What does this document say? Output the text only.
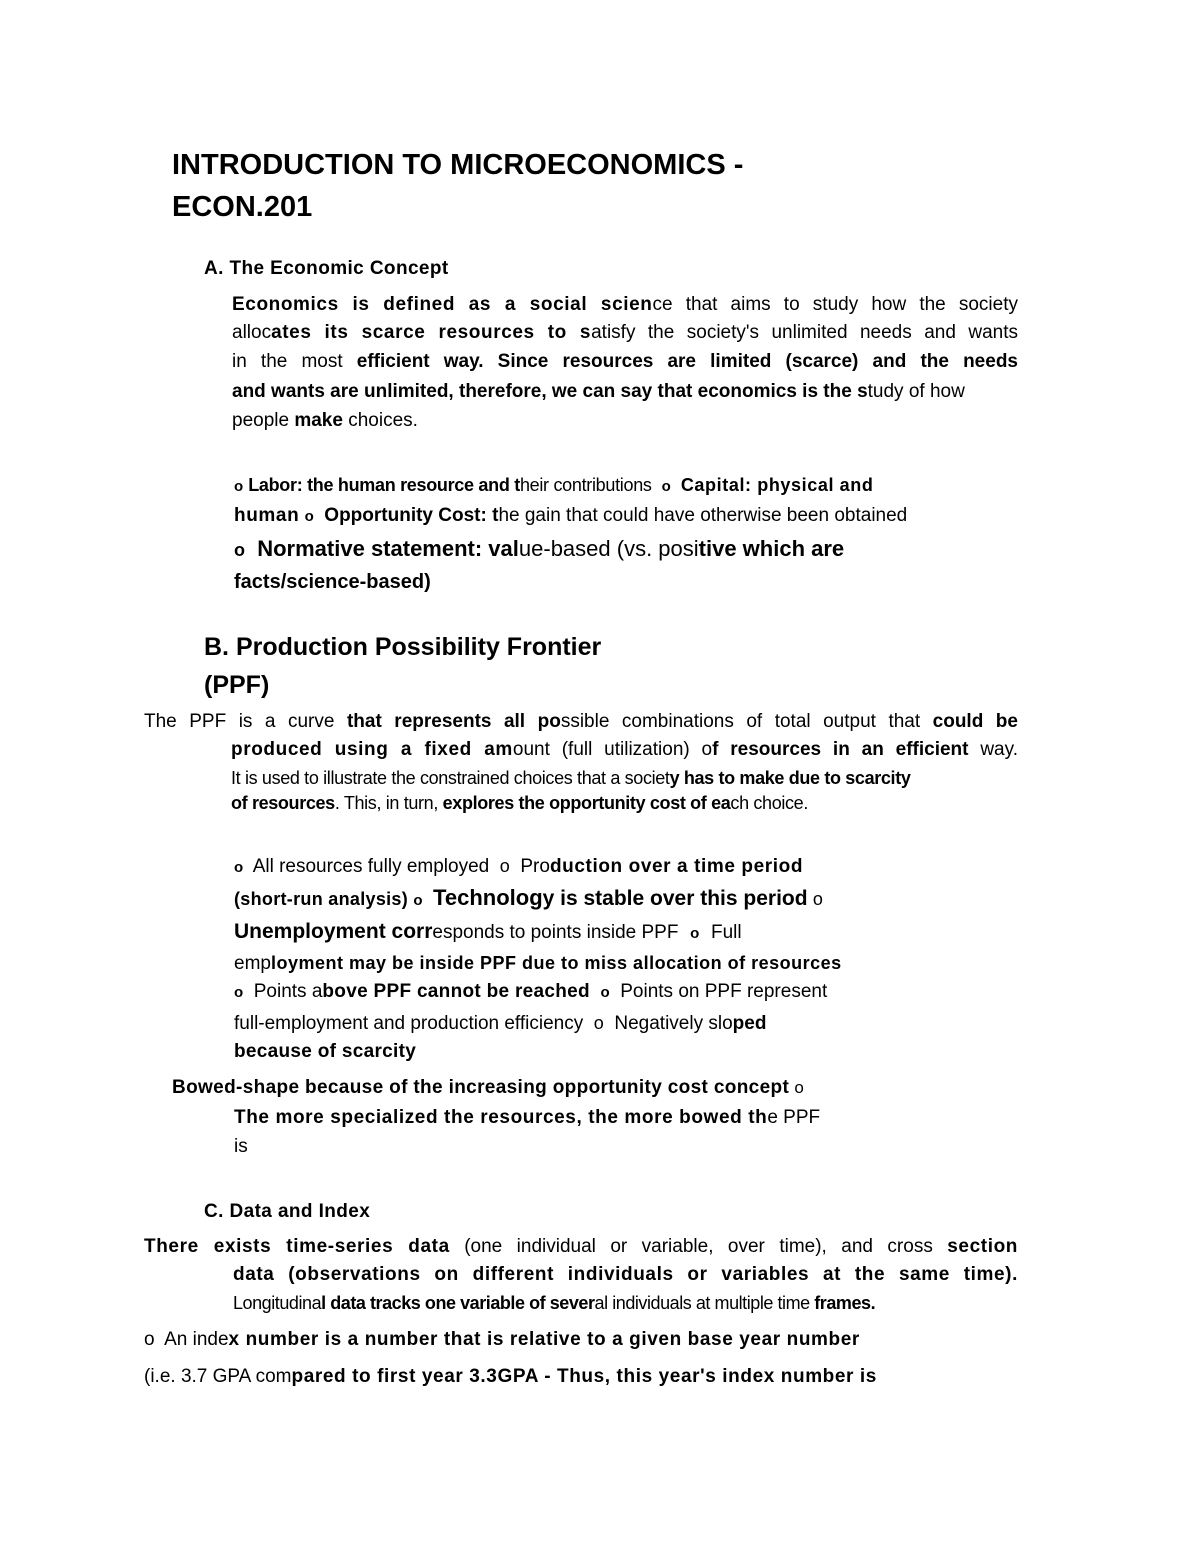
INTRODUCTION TO MICROECONOMICS -
ECON.201
A. The Economic Concept
Economics is defined as a social science that aims to study how the society
allocates its scarce resources to satisfy the society's unlimited needs and wants
in the most efficient way. Since resources are limited (scarce) and the needs
and wants are unlimited, therefore, we can say that economics is the study of how
people make choices.
o Labor: the human resource and their contributions o Capital: physical and
human o Opportunity Cost: the gain that could have otherwise been obtained
o Normative statement: value-based (vs. positive which are
facts/science-based)
B. Production Possibility Frontier
(PPF)
The PPF is a curve that represents all possible combinations of total output that could be
produced using a fixed amount (full utilization) of resources in an efficient way.
It is used to illustrate the constrained choices that a society has to make due to scarcity
of resources. This, in turn, explores the opportunity cost of each choice.
o All resources fully employed o Production over a time period
(short-run analysis) o Technology is stable over this period o
Unemployment corresponds to points inside PPF o Full
employment may be inside PPF due to miss allocation of resources
o Points above PPF cannot be reached o Points on PPF represent
full-employment and production efficiency o Negatively sloped
because of scarcity
Bowed-shape because of the increasing opportunity cost concept o
The more specialized the resources, the more bowed the PPF
is
C. Data and Index
There exists time-series data (one individual or variable, over time), and cross section
data (observations on different individuals or variables at the same time).
Longitudinal data tracks one variable of several individuals at multiple time frames.
o An index number is a number that is relative to a given base year number
(i.e. 3.7 GPA compared to first year 3.3GPA - Thus, this year's index number is
